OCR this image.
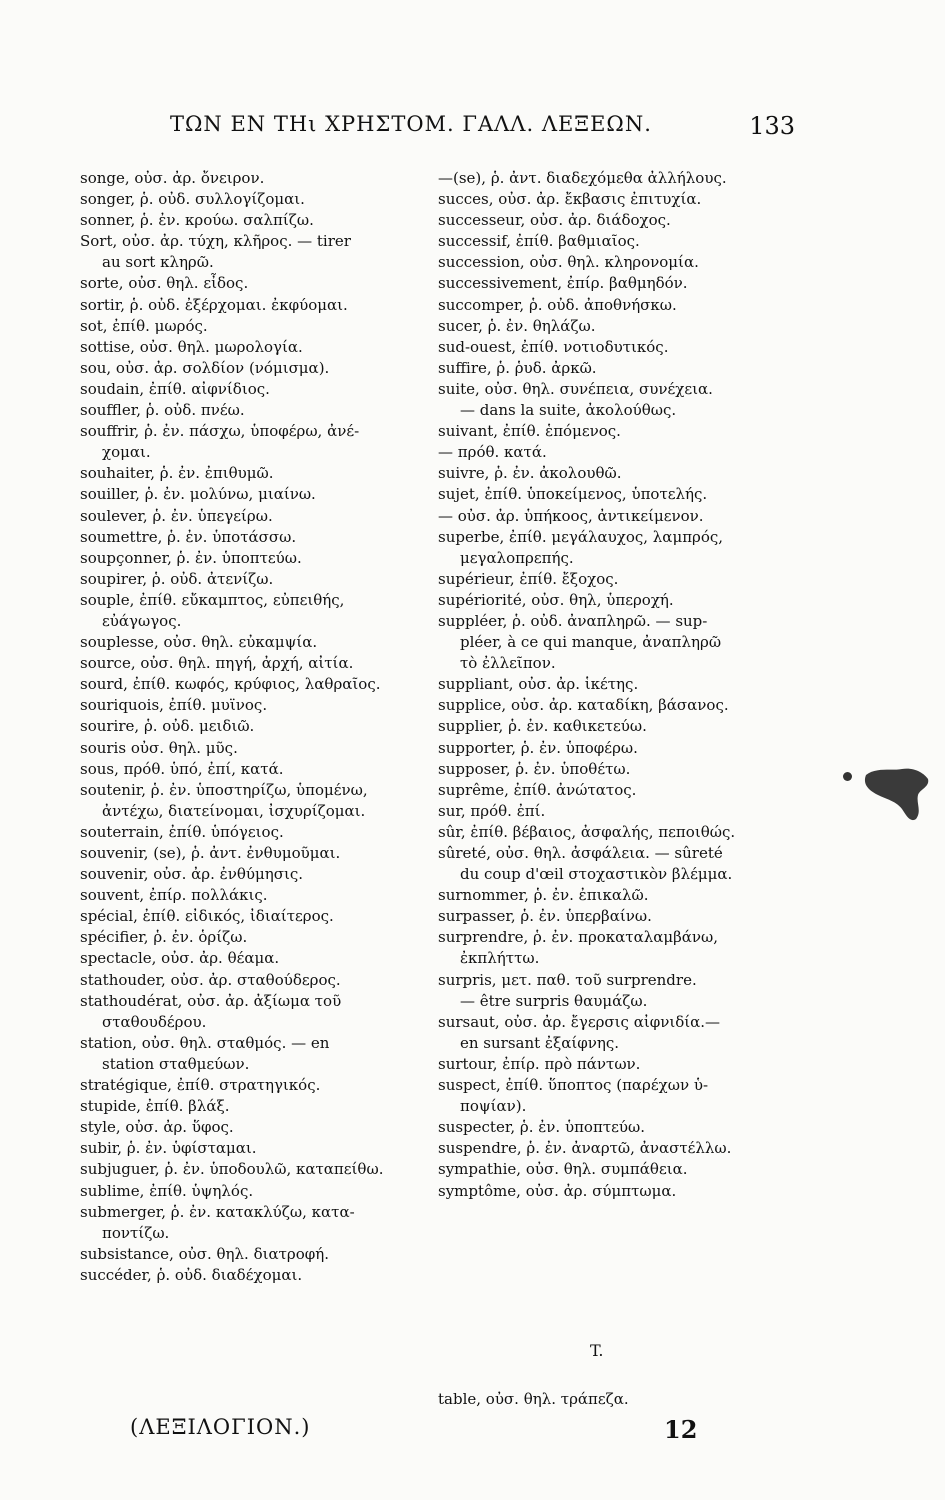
ΤΩΝ ΕΝ ΤΗι ΧΡΗΣΤΟΜ. ΓΑΛΛ. ΛΕΞΕΩΝ.	133
songe, οὐσ. ἀρ. ὄνειρον.
songer, ῥ. οὐδ. συλλογίζομαι.
sonner, ῥ. ἐν. κρούω. σαλπίζω.
Sort, οὐσ. ἀρ. τύχη, κλῆρος. — tirer
au sort κληρῶ.
sorte, οὐσ. θηλ. εἶδος.
sortir, ῥ. οὐδ. ἐξέρχομαι. ἐκφύομαι.
sot, ἐπίθ. μωρός.
sottise, οὐσ. θηλ. μωρολογία.
sou, οὐσ. ἀρ. σολδίον (νόμισμα).
soudain, ἐπίθ. αἰφνίδιος.
souffler, ῥ. οὐδ. πνέω.
souffrir, ῥ. ἐν. πάσχω, ὑποφέρω, ἀνέ-
χομαι.
souhaiter, ῥ. ἐν. ἐπιθυμῶ.
souiller, ῥ. ἐν. μολύνω, μιαίνω.
soulever, ῥ. ἐν. ὑπεγείρω.
soumettre, ῥ. ἐν. ὑποτάσσω.
soupçonner, ῥ. ἐν. ὑποπτεύω.
soupirer, ῥ. οὐδ. ἀτενίζω.
souple, ἐπίθ. εὔκαμπτος, εὐπειθής,
εὐάγωγος.
souplesse, οὐσ. θηλ. εὐκαμψία.
source, οὐσ. θηλ. πηγή, ἀρχή, αἰτία.
sourd, ἐπίθ. κωφός, κρύφιος, λαθραῖος.
souriquois, ἐπίθ. μυϊνος.
sourire, ῥ. οὐδ. μειδιῶ.
souris οὐσ. θηλ. μῦς.
sous, πρόθ. ὑπό, ἐπί, κατά.
soutenir, ῥ. ἐν. ὑποστηρίζω, ὑπομένω,
ἀντέχω, διατείνομαι, ἰσχυρίζομαι.
souterrain, ἐπίθ. ὑπόγειος.
souvenir, (se), ῥ. ἀντ. ἐνθυμοῦμαι.
souvenir, οὐσ. ἀρ. ἐνθύμησις.
souvent, ἐπίρ. πολλάκις.
spécial, ἐπίθ. εἰδικός, ἰδιαίτερος.
spécifier, ῥ. ἐν. ὁρίζω.
spectacle, οὐσ. ἀρ. θέαμα.
stathouder, οὐσ. ἀρ. σταθούδερος.
stathoudérat, οὐσ. ἀρ. ἀξίωμα τοῦ
σταθουδέρου.
station, οὐσ. θηλ. σταθμός. — en
station σταθμεύων.
stratégique, ἐπίθ. στρατηγικός.
stupide, ἐπίθ. βλάξ.
style, οὐσ. ἀρ. ὕφος.
subir, ῥ. ἐν. ὑφίσταμαι.
subjuguer, ῥ. ἐν. ὑποδουλῶ, καταπείθω.
sublime, ἐπίθ. ὑψηλός.
submerger, ῥ. ἐν. κατακλύζω, κατα-
ποντίζω.
subsistance, οὐσ. θηλ. διατροφή.
succéder, ῥ. οὐδ. διαδέχομαι.
—(se), ῥ. ἀντ. διαδεχόμεθα ἀλλήλους.
succes, οὐσ. ἀρ. ἔκβασις ἐπιτυχία.
successeur, οὐσ. ἀρ. διάδοχος.
successif, ἐπίθ. βαθμιαῖος.
succession, οὐσ. θηλ. κληρονομία.
successivement, ἐπίρ. βαθμηδόν.
succomper, ῥ. οὐδ. ἀποθνήσκω.
sucer, ῥ. ἐν. θηλάζω.
sud-ouest, ἐπίθ. νοτιοδυτικός.
suffire, ῥ. ῥυδ. ἀρκῶ.
suite, οὐσ. θηλ. συνέπεια, συνέχεια.
— dans la suite, ἀκολούθως.
suivant, ἐπίθ. ἑπόμενος.
— πρόθ. κατά.
suivre, ῥ. ἐν. ἀκολουθῶ.
sujet, ἐπίθ. ὑποκείμενος, ὑποτελής.
— οὐσ. ἀρ. ὑπήκοος, ἀντικείμενον.
superbe, ἐπίθ. μεγάλαυχος, λαμπρός,
μεγαλοπρεπής.
supérieur, ἐπίθ. ἔξοχος.
supériorité, οὐσ. θηλ, ὑπεροχή.
suppléer, ῥ. οὐδ. ἀναπληρῶ. — sup-
pléer, à ce qui manque, ἀναπληρῶ
τὸ ἐλλεῖπον.
suppliant, οὐσ. ἀρ. ἱκέτης.
supplice, οὐσ. ἀρ. καταδίκη, βάσανος.
supplier, ῥ. ἐν. καθικετεύω.
supporter, ῥ. ἐν. ὑποφέρω.
supposer, ῥ. ἐν. ὑποθέτω.
suprême, ἐπίθ. ἀνώτατος.
sur, πρόθ. ἐπί.
sûr, ἐπίθ. βέβαιος, ἀσφαλής, πεποιθώς.
sûreté, οὐσ. θηλ. ἀσφάλεια. — sûreté
du coup d'œil στοχαστικὸν βλέμμα.
surnommer, ῥ. ἐν. ἐπικαλῶ.
surpasser, ῥ. ἐν. ὑπερβαίνω.
surprendre, ῥ. ἐν. προκαταλαμβάνω,
ἐκπλήττω.
surpris, μετ. παθ. τοῦ surprendre.
— être surpris θαυμάζω.
sursaut, οὐσ. ἀρ. ἔγερσις αἰφνιδία.—
en sursant ἐξαίφνης.
surtour, ἐπίρ. πρὸ πάντων.
suspect, ἐπίθ. ὕποπτος (παρέχων ὑ-
ποψίαν).
suspecter, ῥ. ἐν. ὑποπτεύω.
suspendre, ῥ. ἐν. ἀναρτῶ, ἀναστέλλω.
sympathie, οὐσ. θηλ. συμπάθεια.
symptôme, οὐσ. ἀρ. σύμπτωμα.
T.
table, οὐσ. θηλ. τράπεζα.
(ΛΕΞΙΛΟΓΙΟΝ.)	12
